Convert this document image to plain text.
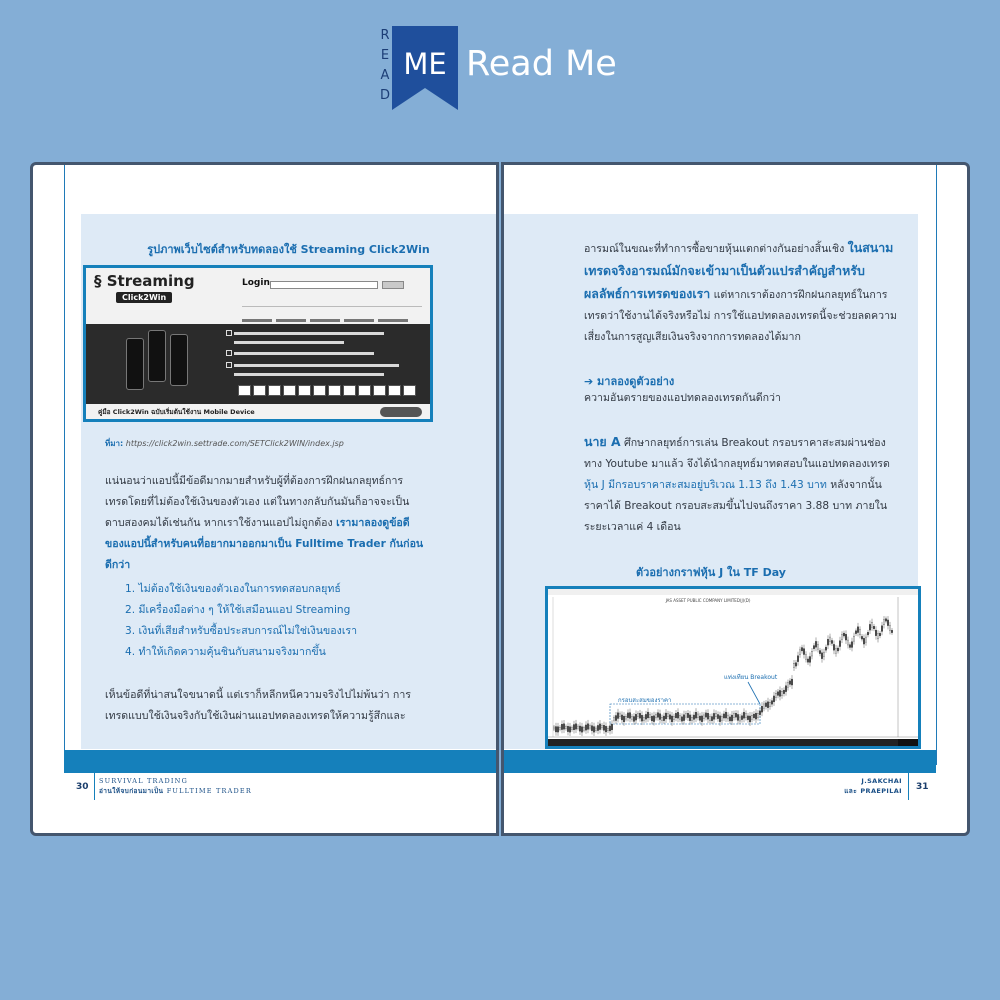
R
E
A
D
ME Read Me
รูปภาพเว็บไซต์สำหรับทดลองใช้ Streaming Click2Win
§ Streaming
Click2Win
Login
คู่มือ Click2Win ฉบับเริ่มต้นใช้งาน Mobile Device
ที่มา: https://click2win.settrade.com/SETClick2WIN/index.jsp
แน่นอนว่าแอปนี้มีข้อดีมากมายสำหรับผู้ที่ต้องการฝึกฝนกลยุทธ์การเทรดโดยที่ไม่ต้องใช้เงินของตัวเอง แต่ในทางกลับกันมันก็อาจจะเป็นดาบสองคมได้เช่นกัน หากเราใช้งานแอปไม่ถูกต้อง เรามาลองดูข้อดีของแอปนี้สำหรับคนที่อยากมาออกมาเป็น Fulltime Trader กันก่อนดีกว่า
1. ไม่ต้องใช้เงินของตัวเองในการทดสอบกลยุทธ์
2. มีเครื่องมือต่าง ๆ ให้ใช้เสมือนแอป Streaming
3. เงินที่เสียสำหรับซื้อประสบการณ์ไม่ใช่เงินของเรา
4. ทำให้เกิดความคุ้นชินกับสนามจริงมากขึ้น
เห็นข้อดีที่น่าสนใจขนาดนี้ แต่เราก็หลีกหนีความจริงไปไม่พ้นว่า การเทรดแบบใช้เงินจริงกับใช้เงินผ่านแอปทดลองเทรดให้ความรู้สึกและ
30
SURVIVAL TRADING
อ่านให้จบก่อนมาเป็น FULLTIME TRADER
อารมณ์ในขณะที่ทำการซื้อขายหุ้นแตกต่างกันอย่างสิ้นเชิง ในสนามเทรดจริงอารมณ์มักจะเข้ามาเป็นตัวแปรสำคัญสำหรับผลลัพธ์การเทรดของเรา แต่หากเราต้องการฝึกฝนกลยุทธ์ในการเทรดว่าใช้งานได้จริงหรือไม่ การใช้แอปทดลองเทรดนี้จะช่วยลดความเสี่ยงในการสูญเสียเงินจริงจากการทดลองได้มาก
➔ มาลองดูตัวอย่าง
ความอันตรายของแอปทดลองเทรดกันดีกว่า
นาย A ศึกษากลยุทธ์การเล่น Breakout กรอบราคาสะสมผ่านช่องทาง Youtube มาแล้ว จึงได้นำกลยุทธ์มาทดสอบในแอปทดลองเทรด หุ้น J มีกรอบราคาสะสมอยู่บริเวณ 1.13 ถึง 1.43 บาท หลังจากนั้นราคาได้ Breakout กรอบสะสมขึ้นไปจนถึงราคา 3.88 บาท ภายในระยะเวลาแค่ 4 เดือน
ตัวอย่างกราฟหุ้น J ใน TF Day
JAS ASSET PUBLIC COMPANY LIMITED(J)(D)
กรอบสะสมของราคา
แท่งเทียน Breakout
J.SAKCHAI
และ PRAEPILAI 31
